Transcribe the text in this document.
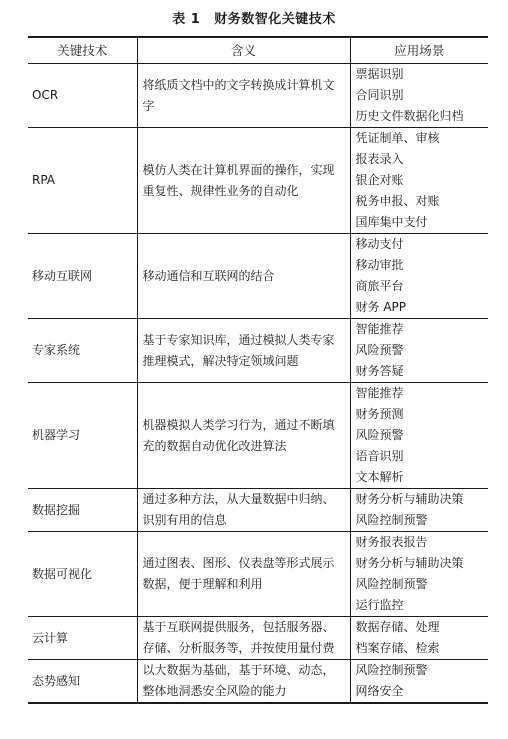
表 1 财务数智化关键技术
关键技术	含义	应用场景
OCR	将纸质文档中的文字转换成计算机文字	票据识别
合同识别
历史文件数据化归档

RPA	模仿人类在计算机界面的操作，实现重复性、规律性业务的自动化	凭证制单、审核
报表录入
银企对账
税务申报、对账
国库集中支付

移动互联网	移动通信和互联网的结合	移动支付
移动审批
商旅平台
财务 APP

专家系统	基于专家知识库，通过模拟人类专家推理模式，解决特定领域问题	智能推荐
风险预警
财务答疑

机器学习	机器模拟人类学习行为，通过不断填充的数据自动优化改进算法	智能推荐
财务预测
风险预警
语音识别
文本解析

数据挖掘	通过多种方法，从大量数据中归纳、识别有用的信息	财务分析与辅助决策
风险控制预警

数据可视化	通过图表、图形、仪表盘等形式展示数据，便于理解和利用	财务报表报告
财务分析与辅助决策
风险控制预警
运行监控

云计算	基于互联网提供服务，包括服务器、存储、分析服务等，并按使用量付费	数据存储、处理
档案存储、检索

态势感知	以大数据为基础，基于环境、动态，整体地洞悉安全风险的能力	风险控制预警
网络安全
